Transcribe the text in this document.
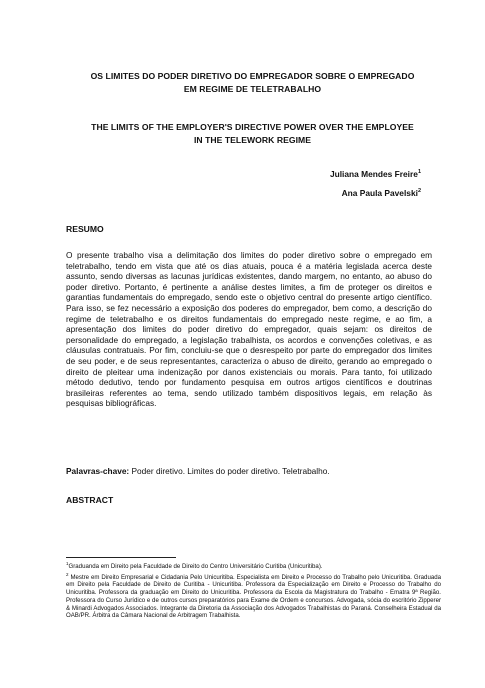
OS LIMITES DO PODER DIRETIVO DO EMPREGADOR SOBRE O EMPREGADO
EM REGIME DE TELETRABALHO
THE LIMITS OF THE EMPLOYER'S DIRECTIVE POWER OVER THE EMPLOYEE
IN THE TELEWORK REGIME
Juliana Mendes Freire$^1$
Ana Paula Pavelski$^2$
RESUMO
O presente trabalho visa a delimitação dos limites do poder diretivo sobre o empregado em teletrabalho, tendo em vista que até os dias atuais, pouca é a matéria legislada acerca deste assunto, sendo diversas as lacunas jurídicas existentes, dando margem, no entanto, ao abuso do poder diretivo. Portanto, é pertinente a análise destes limites, a fim de proteger os direitos e garantias fundamentais do empregado, sendo este o objetivo central do presente artigo científico. Para isso, se fez necessário a exposição dos poderes do empregador, bem como, a descrição do regime de teletrabalho e os direitos fundamentais do empregado neste regime, e ao fim, a apresentação dos limites do poder diretivo do empregador, quais sejam: os direitos de personalidade do empregado, a legislação trabalhista, os acordos e convenções coletivas, e as cláusulas contratuais. Por fim, concluiu-se que o desrespeito por parte do empregador dos limites de seu poder, e de seus representantes, caracteriza o abuso de direito, gerando ao empregado o direito de pleitear uma indenização por danos existenciais ou morais. Para tanto, foi utilizado método dedutivo, tendo por fundamento pesquisa em outros artigos científicos e doutrinas brasileiras referentes ao tema, sendo utilizado também dispositivos legais, em relação às pesquisas bibliográficas.
Palavras-chave: Poder diretivo. Limites do poder diretivo. Teletrabalho.
ABSTRACT

$^1$Graduanda em Direito pela Faculdade de Direito do Centro Universitário Curitiba (Unicuritiba).

$^2$ Mestre em Direito Empresarial e Cidadania Pelo Unicuritiba. Especialista em Direito e Processo do Trabalho pelo Unicuritiba. Graduada em Direito pela Faculdade de Direito de Curitiba - Unicuritiba. Professora da Especialização em Direito e Processo do Trabalho do Unicuritiba. Professora da graduação em Direito do Unicuritiba. Professora da Escola da Magistratura do Trabalho - Ematra 9ª Região. Professora do Curso Jurídico e de outros cursos preparatórios para Exame de Ordem e concursos. Advogada, sócia do escritório Zipperer & Minardi Advogados Associados. Integrante da Diretoria da Associação dos Advogados Trabalhistas do Paraná. Conselheira Estadual da OAB/PR. Árbitra da Câmara Nacional de Arbitragem Trabalhista.
